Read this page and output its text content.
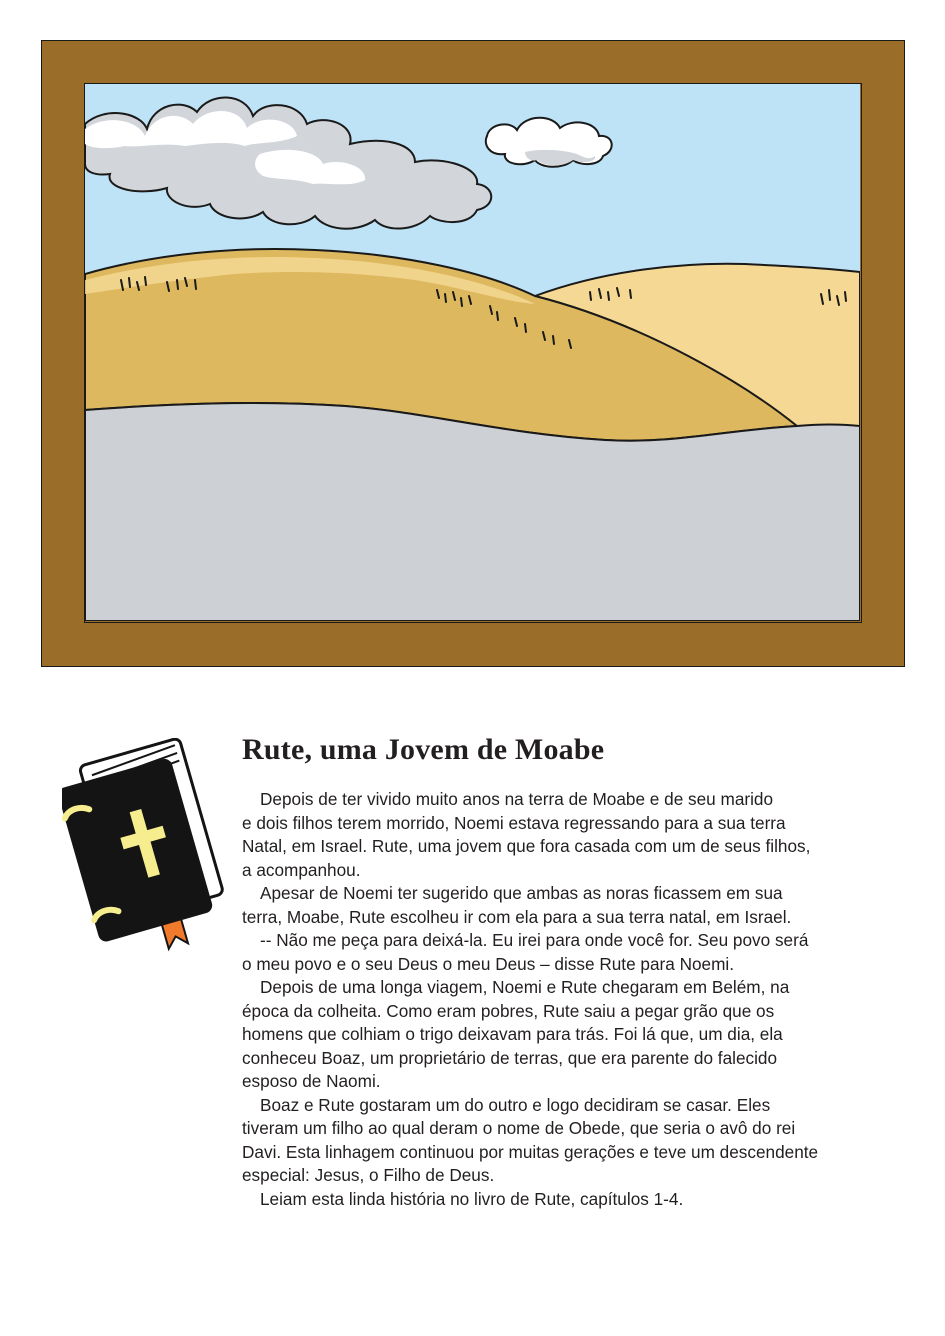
Rute, uma Jovem de Moabe

Depois de ter vivido muito anos na terra de Moabe e de seu marido
e dois filhos terem morrido, Noemi estava regressando para a sua terra
Natal, em Israel. Rute, uma jovem que fora casada com um de seus filhos,
a acompanhou.

Apesar de Noemi ter sugerido que ambas as noras ficassem em sua
terra, Moabe, Rute escolheu ir com ela para a sua terra natal, em Israel.

-- Não me peça para deixá-la. Eu irei para onde você for. Seu povo será
o meu povo e o seu Deus o meu Deus – disse Rute para Noemi.

Depois de uma longa viagem, Noemi e Rute chegaram em Belém, na
época da colheita. Como eram pobres, Rute saiu a pegar grão que os
homens que colhiam o trigo deixavam para trás. Foi lá que, um dia, ela
conheceu Boaz, um proprietário de terras, que era parente do falecido
esposo de Naomi.

Boaz e Rute gostaram um do outro e logo decidiram se casar. Eles
tiveram um filho ao qual deram o nome de Obede, que seria o avô do rei
Davi. Esta linhagem continuou por muitas gerações e teve um descendente
especial: Jesus, o Filho de Deus.

Leiam esta linda história no livro de Rute, capítulos 1-4.
